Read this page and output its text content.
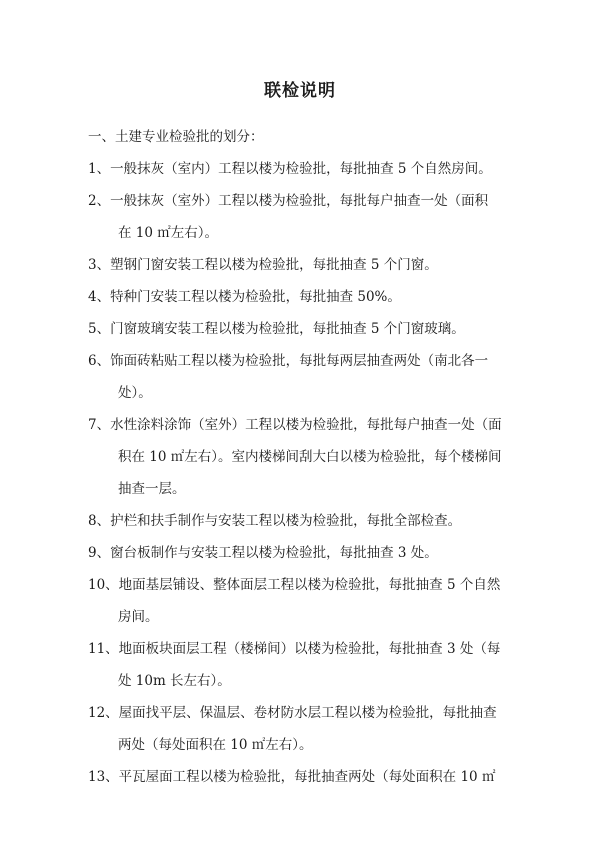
联检说明
一、土建专业检验批的划分：
1、一般抹灰（室内）工程以楼为检验批，每批抽查 5 个自然房间。
2、一般抹灰（室外）工程以楼为检验批，每批每户抽查一处（面积
在 10 ㎡左右）。
3、塑钢门窗安装工程以楼为检验批，每批抽查 5 个门窗。
4、特种门安装工程以楼为检验批，每批抽查 50%。
5、门窗玻璃安装工程以楼为检验批，每批抽查 5 个门窗玻璃。
6、饰面砖粘贴工程以楼为检验批，每批每两层抽查两处（南北各一
处）。
7、水性涂料涂饰（室外）工程以楼为检验批，每批每户抽查一处（面
积在 10 ㎡左右）。室内楼梯间刮大白以楼为检验批，每个楼梯间
抽查一层。
8、护栏和扶手制作与安装工程以楼为检验批，每批全部检查。
9、窗台板制作与安装工程以楼为检验批，每批抽查 3 处。
10、地面基层铺设、整体面层工程以楼为检验批，每批抽查 5 个自然
房间。
11、地面板块面层工程（楼梯间）以楼为检验批，每批抽查 3 处（每
处 10m 长左右）。
12、屋面找平层、保温层、卷材防水层工程以楼为检验批，每批抽查
两处（每处面积在 10 ㎡左右）。
13、平瓦屋面工程以楼为检验批，每批抽查两处（每处面积在 10 ㎡
